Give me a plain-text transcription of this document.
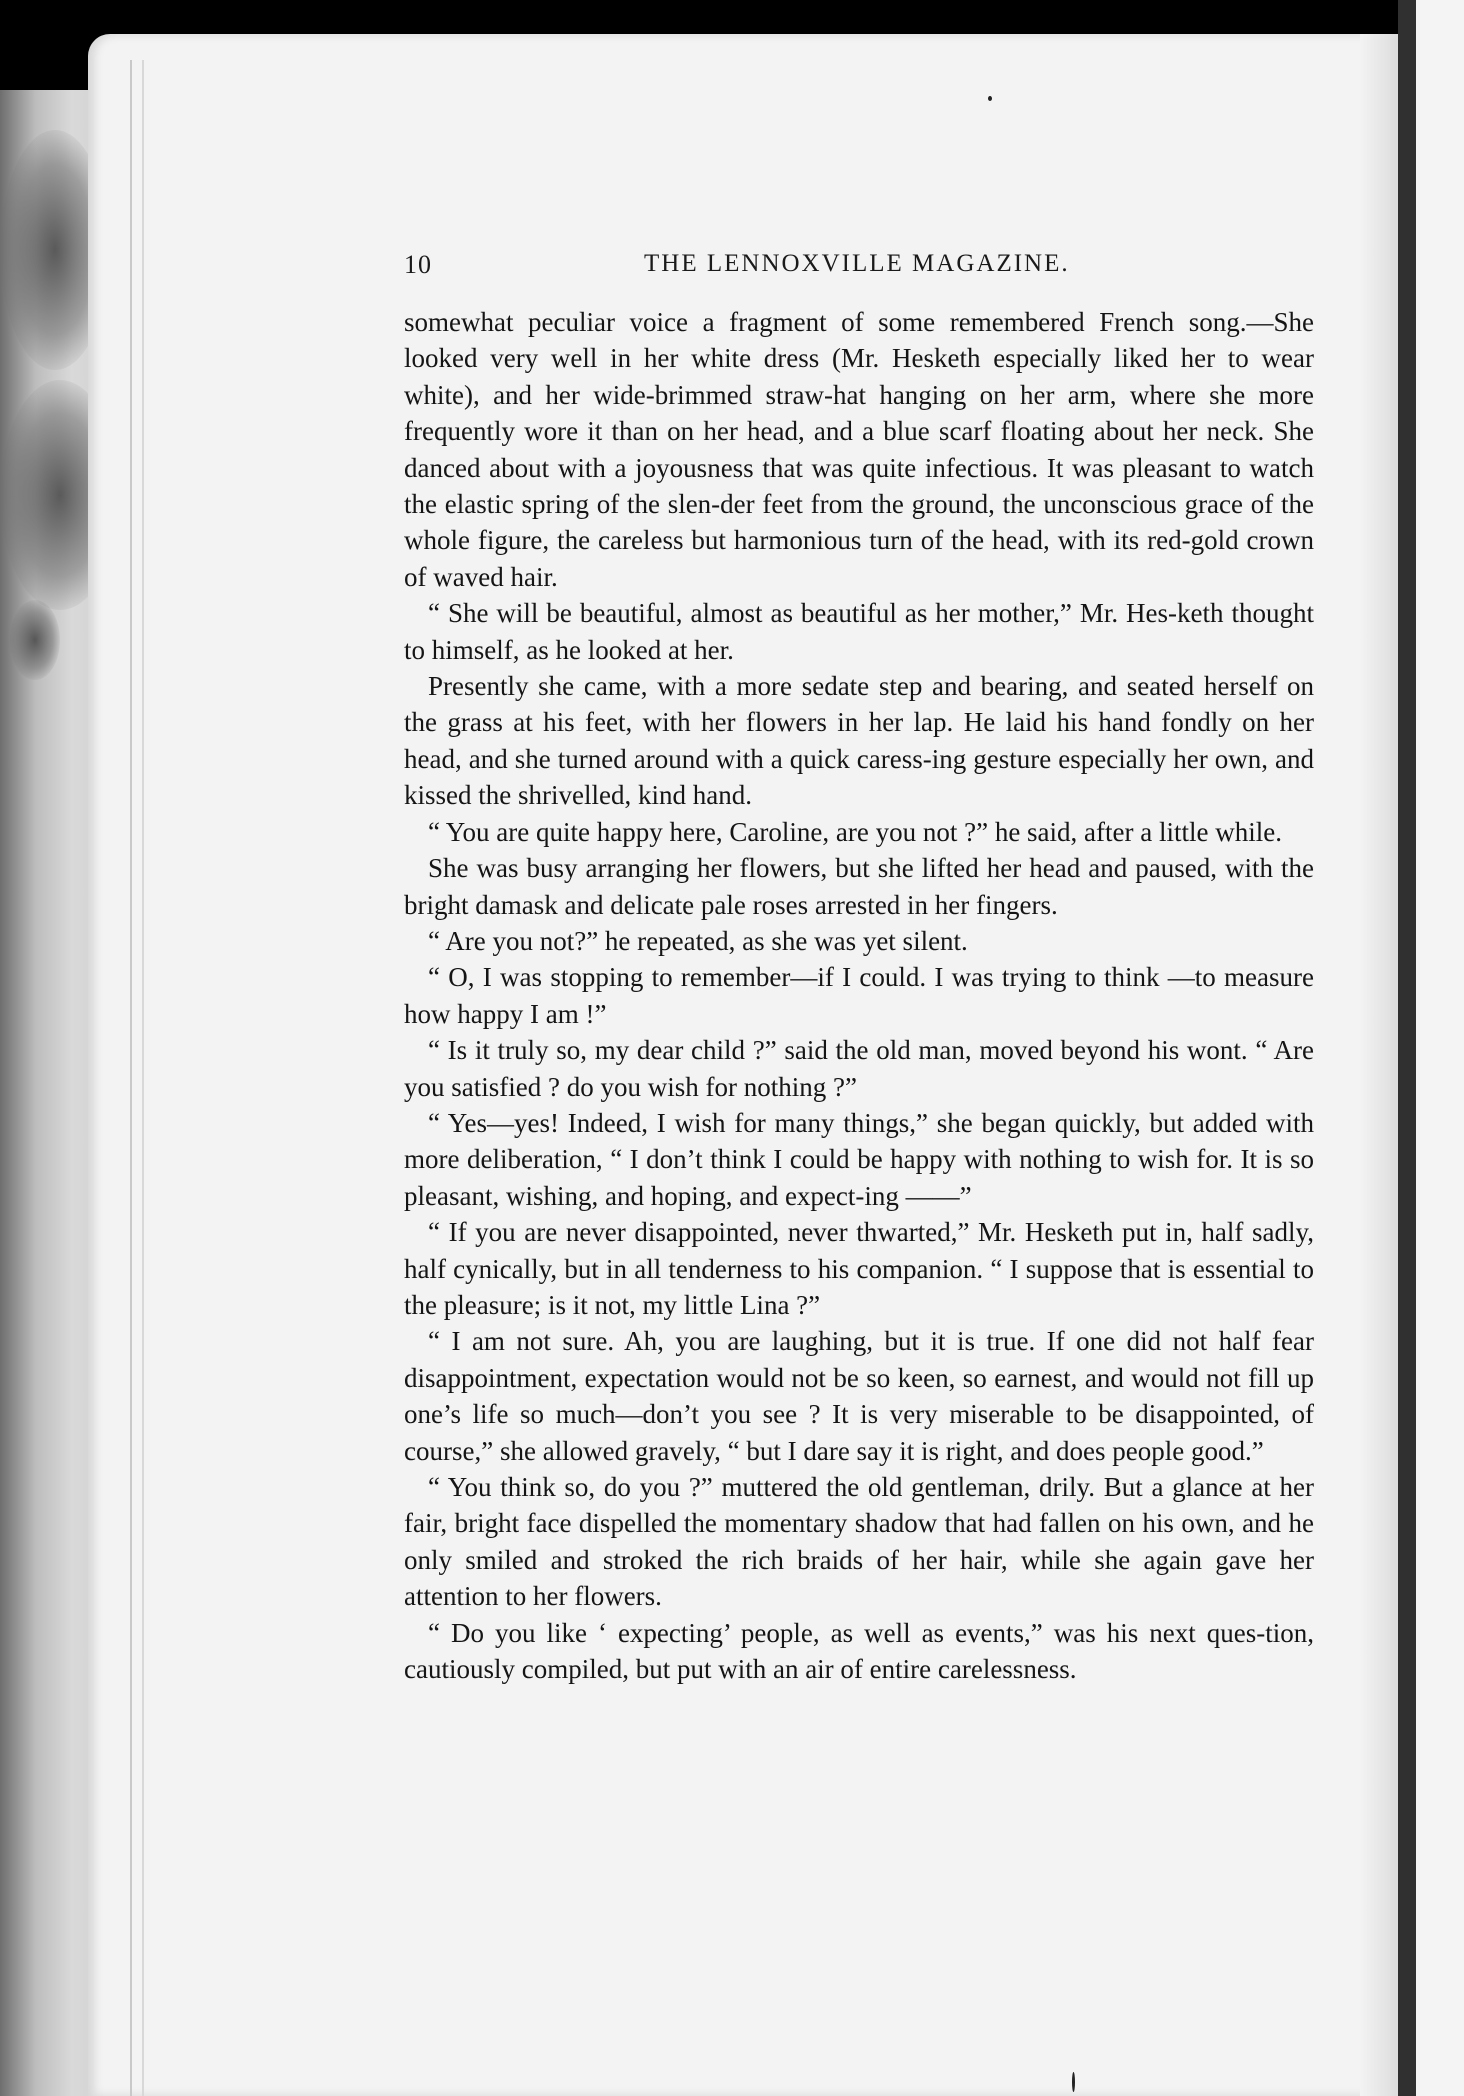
10	THE LENNOXVILLE MAGAZINE.

somewhat peculiar voice a fragment of some remembered French song.—She looked very well in her white dress (Mr. Hesketh especially liked her to wear white), and her wide-brimmed straw-hat hanging on her arm, where she more frequently wore it than on her head, and a blue scarf floating about her neck. She danced about with a joyousness that was quite infectious. It was pleasant to watch the elastic spring of the slen-der feet from the ground, the unconscious grace of the whole figure, the careless but harmonious turn of the head, with its red-gold crown of waved hair.

“ She will be beautiful, almost as beautiful as her mother,” Mr. Hes-keth thought to himself, as he looked at her.

Presently she came, with a more sedate step and bearing, and seated herself on the grass at his feet, with her flowers in her lap. He laid his hand fondly on her head, and she turned around with a quick caress-ing gesture especially her own, and kissed the shrivelled, kind hand.

“ You are quite happy here, Caroline, are you not ?” he said, after a little while.

She was busy arranging her flowers, but she lifted her head and paused, with the bright damask and delicate pale roses arrested in her fingers.

“ Are you not?” he repeated, as she was yet silent.

“ O, I was stopping to remember—if I could. I was trying to think —to measure how happy I am !”

“ Is it truly so, my dear child ?” said the old man, moved beyond his wont. “ Are you satisfied ? do you wish for nothing ?”

“ Yes—yes! Indeed, I wish for many things,” she began quickly, but added with more deliberation, “ I don’t think I could be happy with nothing to wish for. It is so pleasant, wishing, and hoping, and expect-ing ——”

“ If you are never disappointed, never thwarted,” Mr. Hesketh put in, half sadly, half cynically, but in all tenderness to his companion. “ I suppose that is essential to the pleasure; is it not, my little Lina ?”

“ I am not sure. Ah, you are laughing, but it is true. If one did not half fear disappointment, expectation would not be so keen, so earnest, and would not fill up one’s life so much—don’t you see ? It is very miserable to be disappointed, of course,” she allowed gravely, “ but I dare say it is right, and does people good.”

“ You think so, do you ?” muttered the old gentleman, drily. But a glance at her fair, bright face dispelled the momentary shadow that had fallen on his own, and he only smiled and stroked the rich braids of her hair, while she again gave her attention to her flowers.

“ Do you like ‘ expecting’ people, as well as events,” was his next ques-tion, cautiously compiled, but put with an air of entire carelessness.
